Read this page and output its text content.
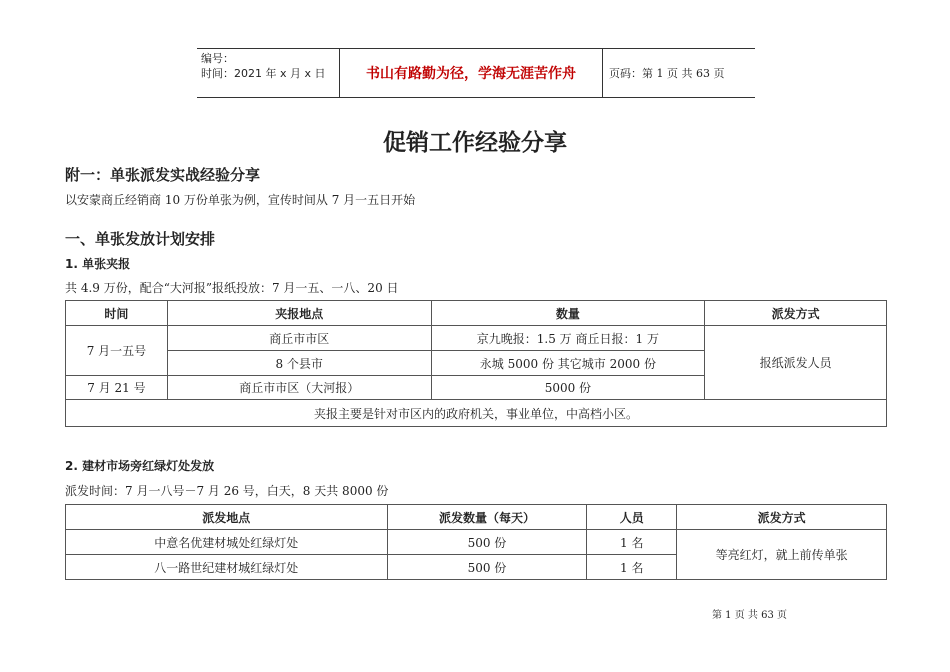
编号：
时间：2021 年 x 月 x 日	书山有路勤为径，学海无涯苦作舟	页码：第 1 页 共 63 页
促销工作经验分享
附一：单张派发实战经验分享
以安蒙商丘经销商 10 万份单张为例，宣传时间从 7 月一五日开始
一、单张发放计划安排
1. 单张夹报
共 4.9 万份，配合“大河报”报纸投放：7 月一五、一八、20 日
时间	夹报地点	数量	派发方式
7 月一五号	商丘市市区	京九晚报：1.5 万 商丘日报：1 万	报纸派发人员
	8 个县市	永城 5000 份 其它城市 2000 份	
7 月 21 号	商丘市市区（大河报）	5000 份	
夹报主要是针对市区内的政府机关，事业单位，中高档小区。			
2. 建材市场旁红绿灯处发放
派发时间：7 月一八号－7 月 26 号，白天，8 天共 8000 份
派发地点	派发数量（每天）	人员	派发方式
中意名优建材城处红绿灯处	500 份	1 名	等亮红灯，就上前传单张
八一路世纪建材城红绿灯处	500 份	1 名	
第 1 页 共 63 页
